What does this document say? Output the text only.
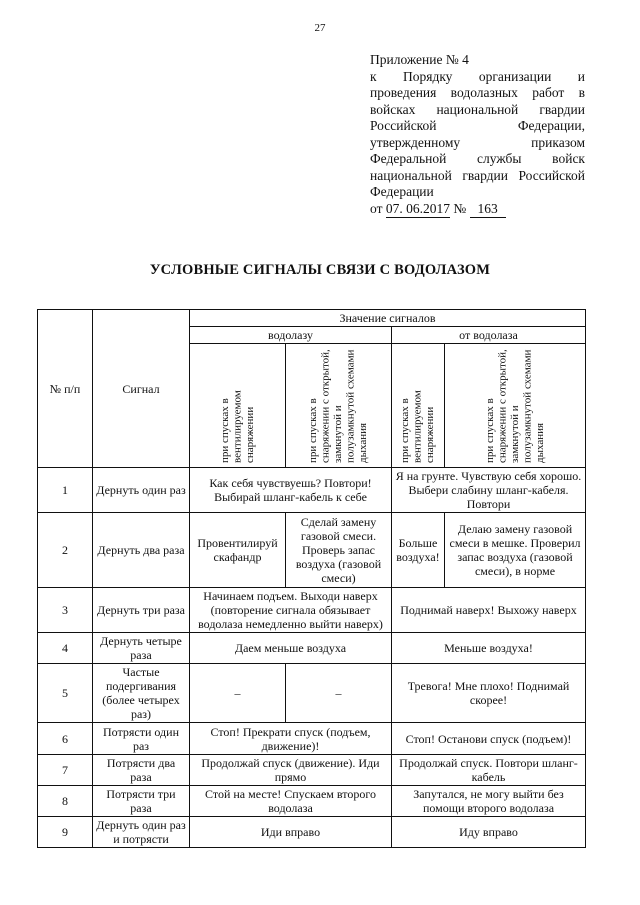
27
Приложение № 4
к Порядку организации и проведения водолазных работ в войсках национальной гвардии Российской Федерации, утвержденному приказом Федеральной службы войск национальной гвардии Российской Федерации
от 07. 06.2017 № 163
УСЛОВНЫЕ СИГНАЛЫ СВЯЗИ С ВОДОЛАЗОМ
№ п/п	Сигнал	Значение сигналов			
		водолазу		от водолаза	
		при спусках в вентилируемом снаряжении	при спусках в снаряжении с открытой, замкнутой и полузамкнутой схемами дыхания	при спусках в вентилируемом снаряжении	при спусках в снаряжении с открытой, замкнутой и полузамкнутой схемами дыхания
1	Дернуть один раз	Как себя чувствуешь? Повтори! Выбирай шланг-кабель к себе		Я на грунте. Чувствую себя хорошо. Выбери слабину шланг-кабеля. Повтори	
2	Дернуть два раза	Провентилируй скафандр	Сделай замену газовой смеси. Проверь запас воздуха (газовой смеси)	Больше воздуха!	Делаю замену газовой смеси в мешке. Проверил запас воздуха (газовой смеси), в норме
3	Дернуть три раза	Начинаем подъем. Выходи наверх (повторение сигнала обязывает водолаза немедленно выйти наверх)		Поднимай наверх! Выхожу наверх	
4	Дернуть четыре раза	Даем меньше воздуха		Меньше воздуха!	
5	Частые подергивания (более четырех раз)	–	–	Тревога! Мне плохо! Поднимай скорее!	
6	Потрясти один раз	Стоп! Прекрати спуск (подъем, движение)!		Стоп! Останови спуск (подъем)!	
7	Потрясти два раза	Продолжай спуск (движение). Иди прямо		Продолжай спуск. Повтори шланг-кабель	
8	Потрясти три раза	Стой на месте! Спускаем второго водолаза		Запутался, не могу выйти без помощи второго водолаза	
9	Дернуть один раз и потрясти	Иди вправо		Иду вправо	
